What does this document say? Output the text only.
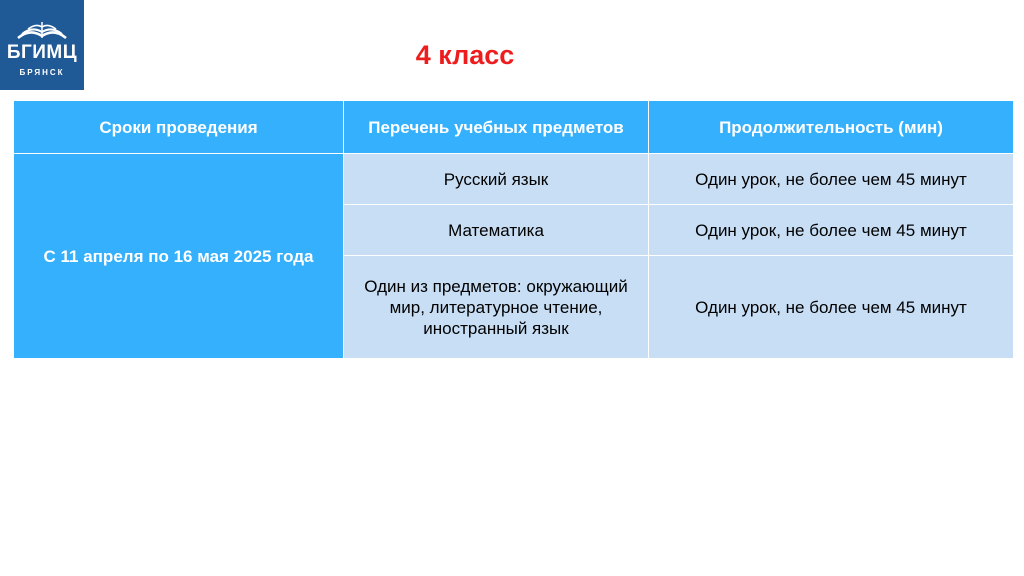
БГИМЦ
БРЯНСК
4 класс
Сроки проведения	Перечень учебных предметов	Продолжительность (мин)
С 11 апреля по 16 мая 2025 года	Русский язык	Один урок, не более чем 45 минут
	Математика	Один урок, не более чем 45 минут
	Один из предметов: окружающий мир, литературное чтение, иностранный язык	Один урок, не более чем 45 минут
